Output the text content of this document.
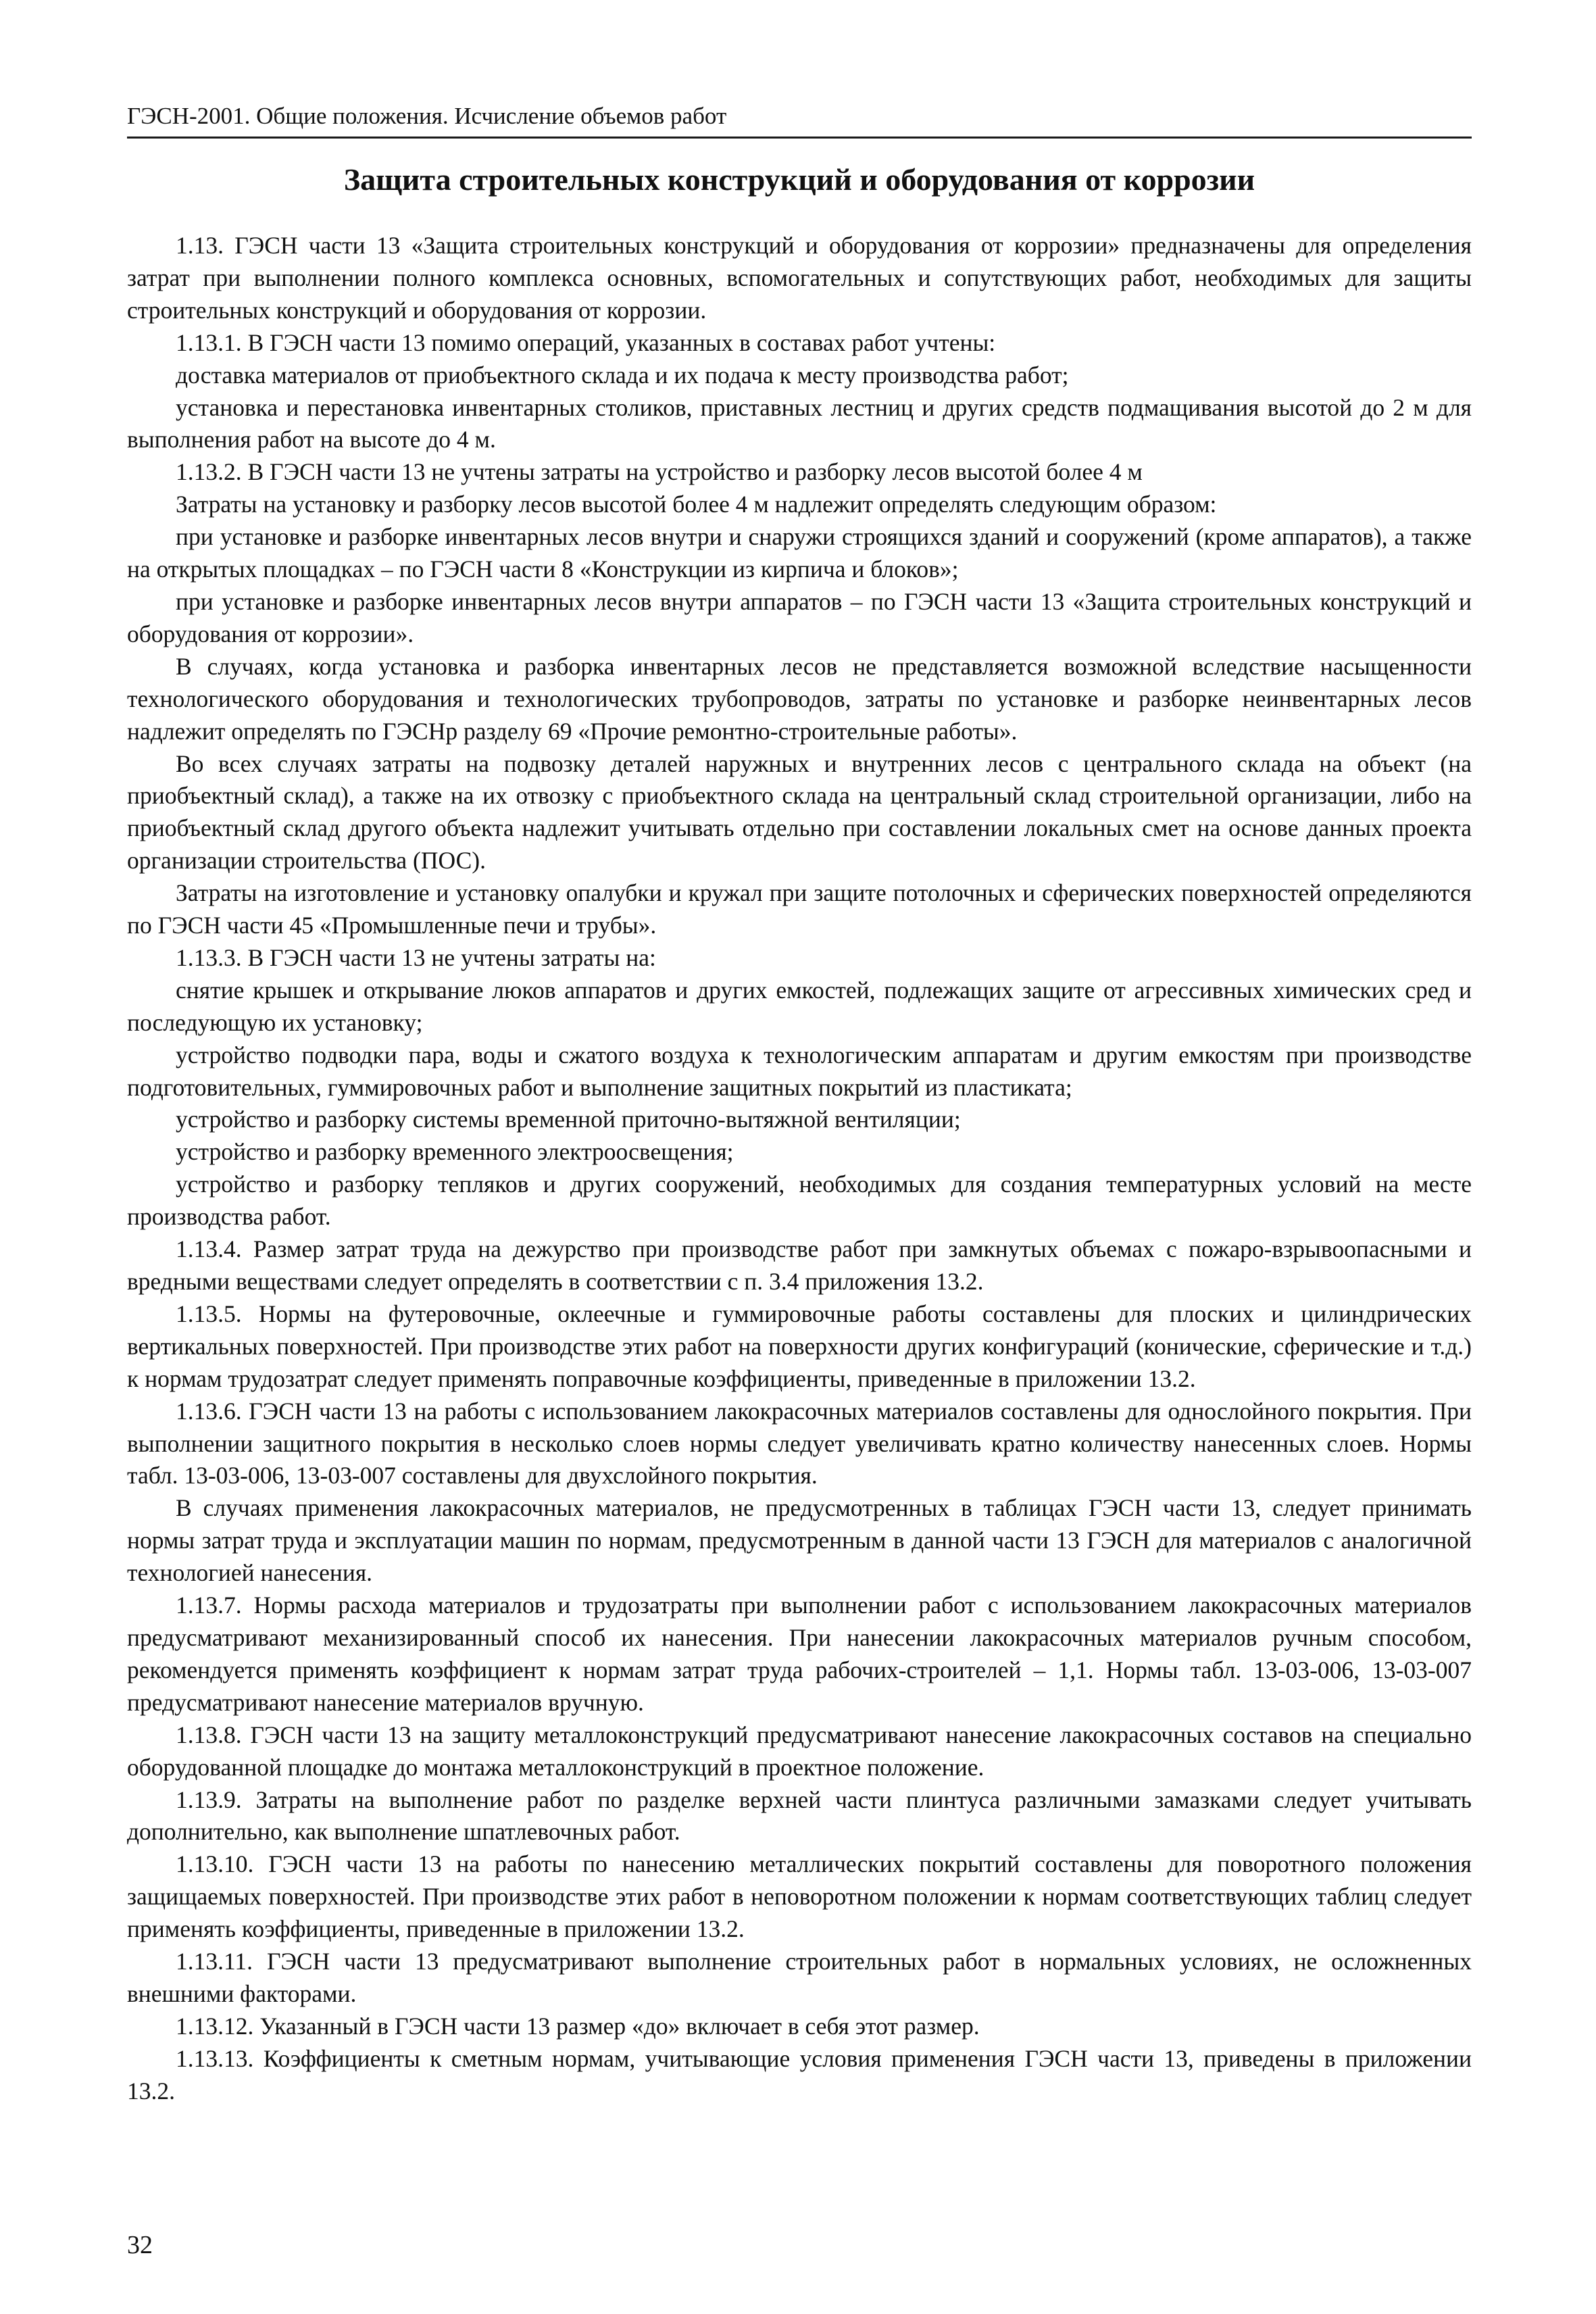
ГЭСН-2001. Общие положения. Исчисление объемов работ
Защита строительных конструкций и оборудования от коррозии

1.13. ГЭСН части 13 «Защита строительных конструкций и оборудования от коррозии» предназначены для определения затрат при выполнении полного комплекса основных, вспомогательных и сопутствующих работ, необходимых для защиты строительных конструкций и оборудования от коррозии.

1.13.1. В ГЭСН части 13 помимо операций, указанных в составах работ учтены:

доставка материалов от приобъектного склада и их подача к месту производства работ;

установка и перестановка инвентарных столиков, приставных лестниц и других средств подмащивания высотой до 2 м для выполнения работ на высоте до 4 м.

1.13.2. В ГЭСН части 13 не учтены затраты на устройство и разборку лесов высотой более 4 м

Затраты на установку и разборку лесов высотой более 4 м надлежит определять следующим образом:

при установке и разборке инвентарных лесов внутри и снаружи строящихся зданий и сооружений (кроме аппаратов), а также на открытых площадках – по ГЭСН части 8 «Конструкции из кирпича и блоков»;

при установке и разборке инвентарных лесов внутри аппаратов – по ГЭСН части 13 «Защита строительных конструкций и оборудования от коррозии».

В случаях, когда установка и разборка инвентарных лесов не представляется возможной вследствие насыщенности технологического оборудования и технологических трубопроводов, затраты по установке и разборке неинвентарных лесов надлежит определять по ГЭСНр разделу 69 «Прочие ремонтно-строительные работы».

Во всех случаях затраты на подвозку деталей наружных и внутренних лесов с центрального склада на объект (на приобъектный склад), а также на их отвозку с приобъектного склада на центральный склад строительной организации, либо на приобъектный склад другого объекта надлежит учитывать отдельно при составлении локальных смет на основе данных проекта организации строительства (ПОС).

Затраты на изготовление и установку опалубки и кружал при защите потолочных и сферических поверхностей определяются по ГЭСН части 45 «Промышленные печи и трубы».

1.13.3. В ГЭСН части 13 не учтены затраты на:

снятие крышек и открывание люков аппаратов и других емкостей, подлежащих защите от агрессивных химических сред и последующую их установку;

устройство подводки пара, воды и сжатого воздуха к технологическим аппаратам и другим емкостям при производстве подготовительных, гуммировочных работ и выполнение защитных покрытий из пластиката;

устройство и разборку системы временной приточно-вытяжной вентиляции;

устройство и разборку временного электроосвещения;

устройство и разборку тепляков и других сооружений, необходимых для создания температурных условий на месте производства работ.

1.13.4. Размер затрат труда на дежурство при производстве работ при замкнутых объемах с пожаро-взрывоопасными и вредными веществами следует определять в соответствии с п. 3.4 приложения 13.2.

1.13.5. Нормы на футеровочные, оклеечные и гуммировочные работы составлены для плоских и цилиндрических вертикальных поверхностей. При производстве этих работ на поверхности других конфигураций (конические, сферические и т.д.) к нормам трудозатрат следует применять поправочные коэффициенты, приведенные в приложении 13.2.

1.13.6. ГЭСН части 13 на работы с использованием лакокрасочных материалов составлены для однослойного покрытия. При выполнении защитного покрытия в несколько слоев нормы следует увеличивать кратно количеству нанесенных слоев. Нормы табл. 13-03-006, 13-03-007 составлены для двухслойного покрытия.

В случаях применения лакокрасочных материалов, не предусмотренных в таблицах ГЭСН части 13, следует принимать нормы затрат труда и эксплуатации машин по нормам, предусмотренным в данной части 13 ГЭСН для материалов с аналогичной технологией нанесения.

1.13.7. Нормы расхода материалов и трудозатраты при выполнении работ с использованием лакокрасочных материалов предусматривают механизированный способ их нанесения. При нанесении лакокрасочных материалов ручным способом, рекомендуется применять коэффициент к нормам затрат труда рабочих-строителей – 1,1. Нормы табл. 13-03-006, 13-03-007 предусматривают нанесение материалов вручную.

1.13.8. ГЭСН части 13 на защиту металлоконструкций предусматривают нанесение лакокрасочных составов на специально оборудованной площадке до монтажа металлоконструкций в проектное положение.

1.13.9. Затраты на выполнение работ по разделке верхней части плинтуса различными замазками следует учитывать дополнительно, как выполнение шпатлевочных работ.

1.13.10. ГЭСН части 13 на работы по нанесению металлических покрытий составлены для поворотного положения защищаемых поверхностей. При производстве этих работ в неповоротном положении к нормам соответствующих таблиц следует применять коэффициенты, приведенные в приложении 13.2.

1.13.11. ГЭСН части 13 предусматривают выполнение строительных работ в нормальных условиях, не осложненных внешними факторами.

1.13.12. Указанный в ГЭСН части 13 размер «до» включает в себя этот размер.

1.13.13. Коэффициенты к сметным нормам, учитывающие условия применения ГЭСН части 13, приведены в приложении 13.2.

32
